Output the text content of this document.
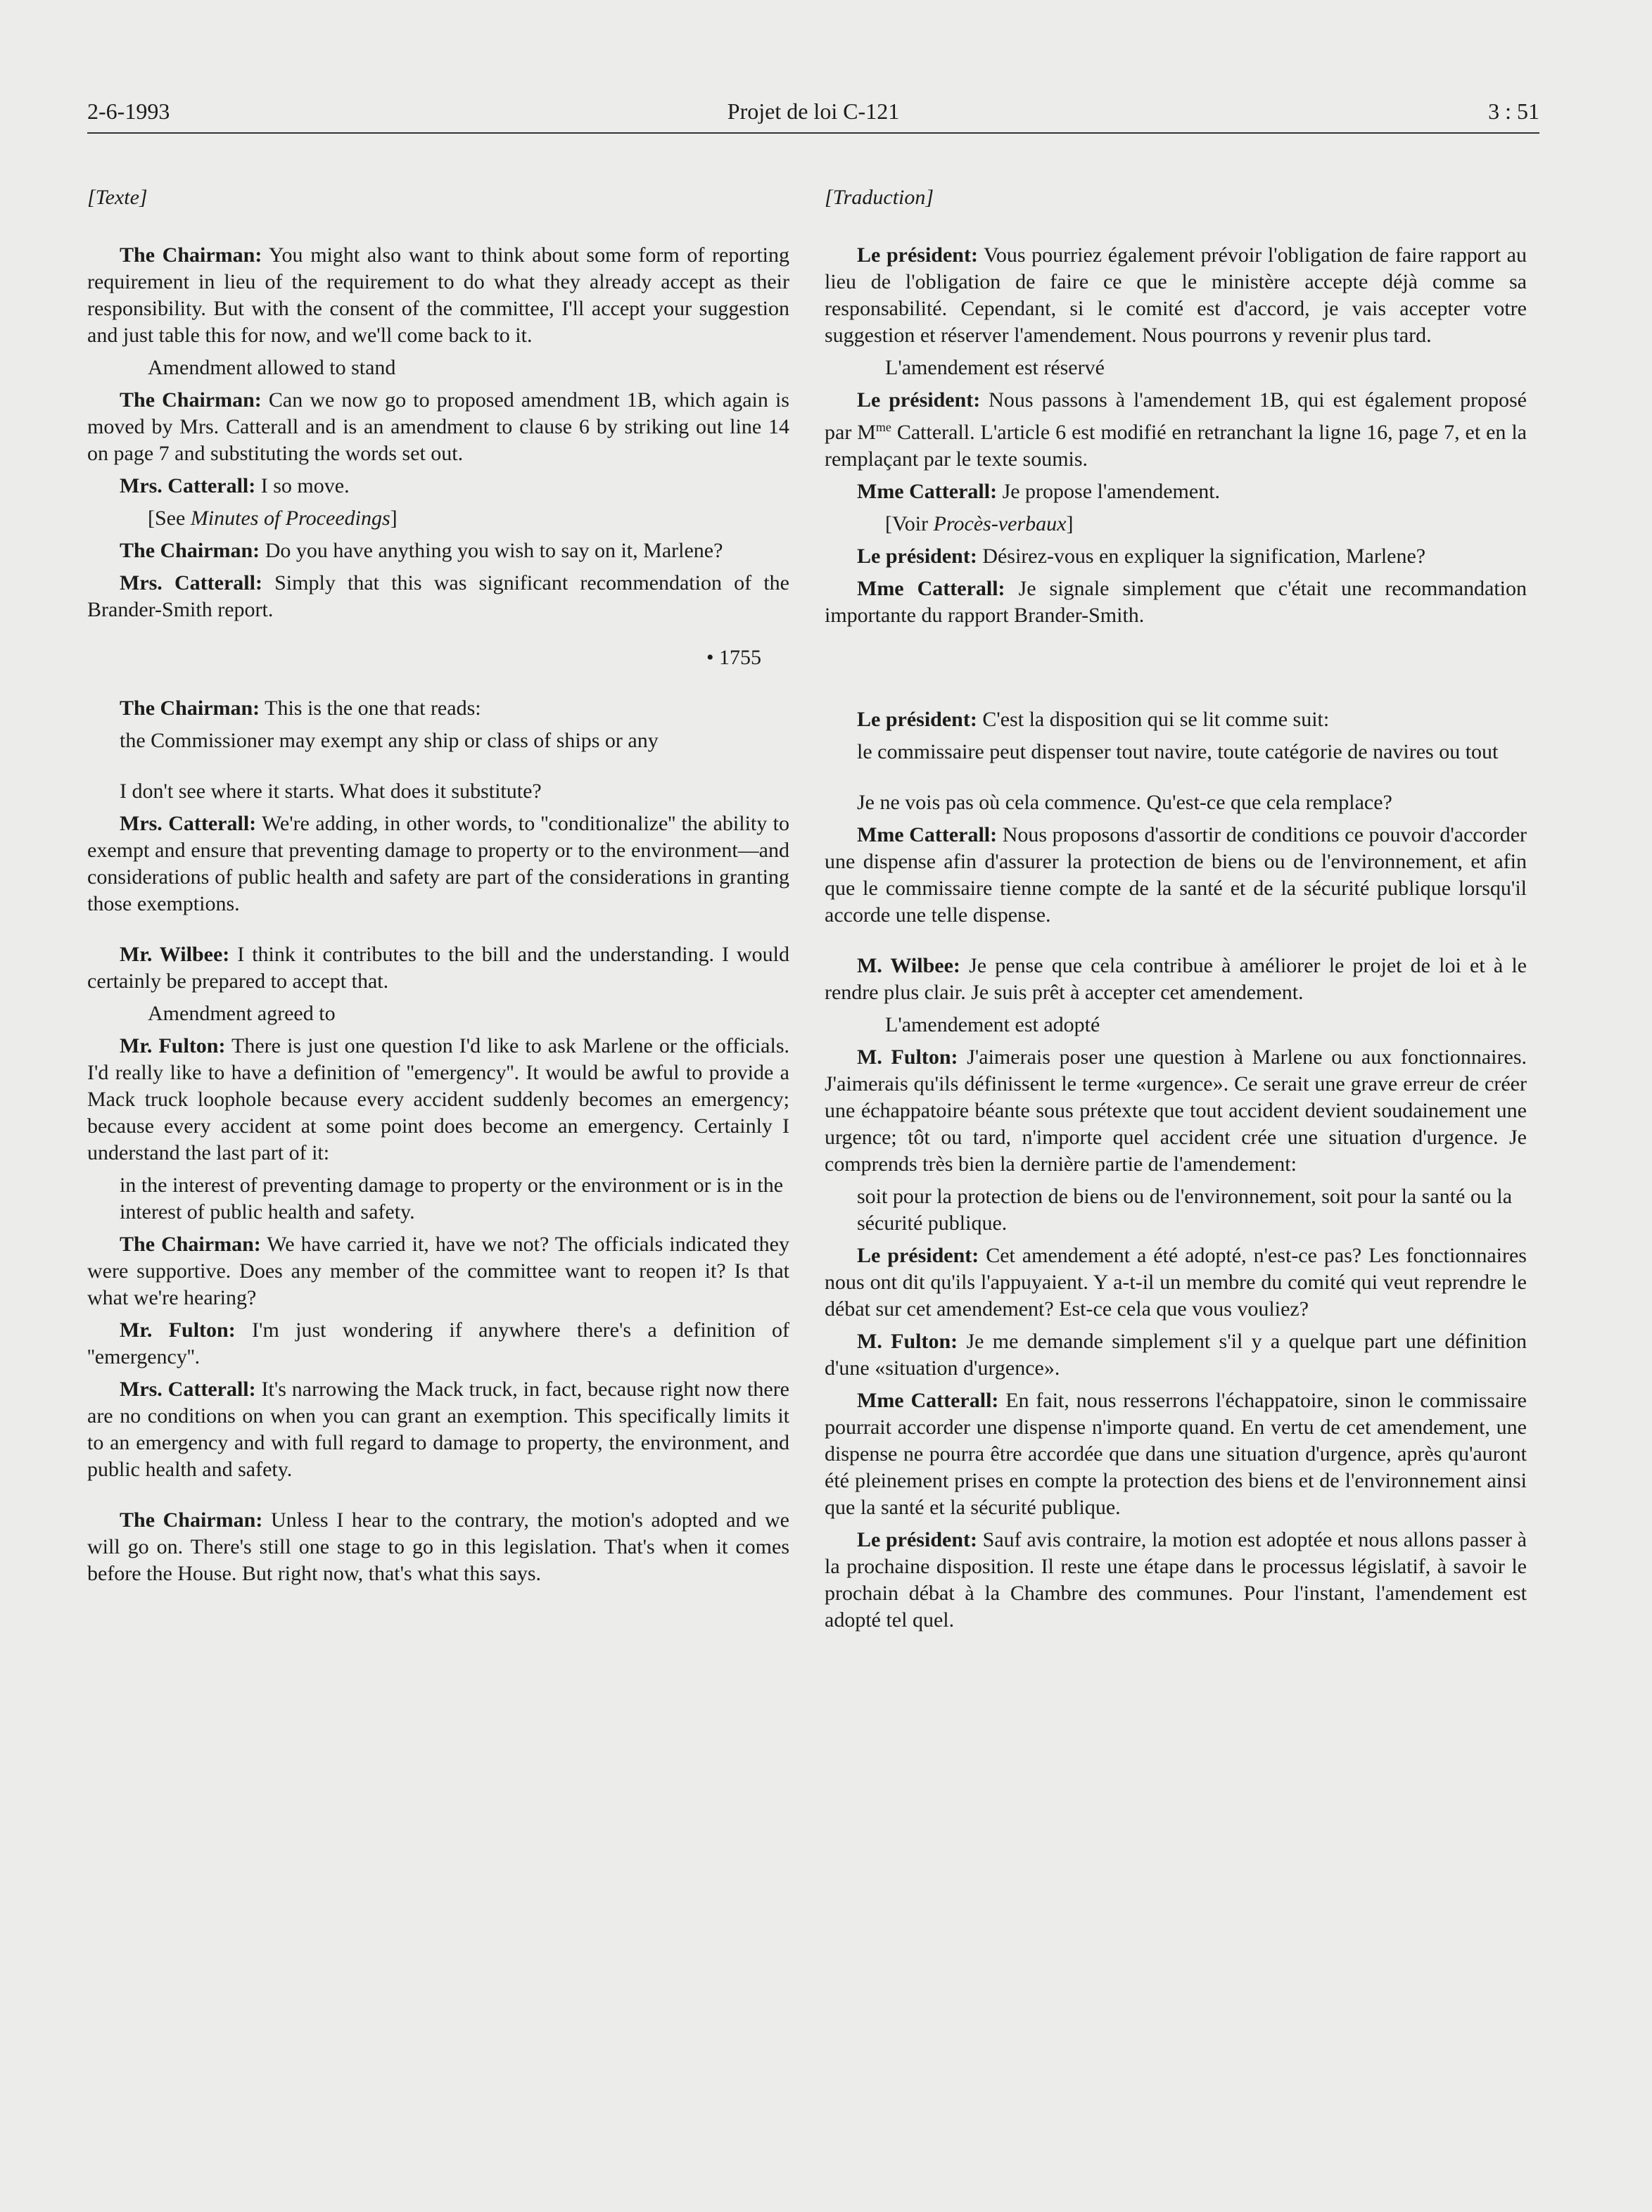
Projet de loi C-121
2-6-1993	3 : 51

[Texte]

The Chairman: You might also want to think about some form of reporting requirement in lieu of the requirement to do what they already accept as their responsibility. But with the consent of the committee, I'll accept your suggestion and just table this for now, and we'll come back to it.

Amendment allowed to stand

The Chairman: Can we now go to proposed amendment 1B, which again is moved by Mrs. Catterall and is an amendment to clause 6 by striking out line 14 on page 7 and substituting the words set out.

Mrs. Catterall: I so move.

[See Minutes of Proceedings]

The Chairman: Do you have anything you wish to say on it, Marlene?

Mrs. Catterall: Simply that this was significant recommendation of the Brander-Smith report.

• 1755

The Chairman: This is the one that reads:

the Commissioner may exempt any ship or class of ships or any

I don't see where it starts. What does it substitute?

Mrs. Catterall: We're adding, in other words, to ''conditionalize'' the ability to exempt and ensure that preventing damage to property or to the environment—and considerations of public health and safety are part of the considerations in granting those exemptions.

Mr. Wilbee: I think it contributes to the bill and the understanding. I would certainly be prepared to accept that.

Amendment agreed to

Mr. Fulton: There is just one question I'd like to ask Marlene or the officials. I'd really like to have a definition of ''emergency''. It would be awful to provide a Mack truck loophole because every accident suddenly becomes an emergency; because every accident at some point does become an emergency. Certainly I understand the last part of it:

in the interest of preventing damage to property or the environment or is in the interest of public health and safety.

The Chairman: We have carried it, have we not? The officials indicated they were supportive. Does any member of the committee want to reopen it? Is that what we're hearing?

Mr. Fulton: I'm just wondering if anywhere there's a definition of ''emergency''.

Mrs. Catterall: It's narrowing the Mack truck, in fact, because right now there are no conditions on when you can grant an exemption. This specifically limits it to an emergency and with full regard to damage to property, the environment, and public health and safety.

The Chairman: Unless I hear to the contrary, the motion's adopted and we will go on. There's still one stage to go in this legislation. That's when it comes before the House. But right now, that's what this says.

[Traduction]

Le président: Vous pourriez également prévoir l'obligation de faire rapport au lieu de l'obligation de faire ce que le ministère accepte déjà comme sa responsabilité. Cependant, si le comité est d'accord, je vais accepter votre suggestion et réserver l'amendement. Nous pourrons y revenir plus tard.

L'amendement est réservé

Le président: Nous passons à l'amendement 1B, qui est également proposé par $M^{me}$ Catterall. L'article 6 est modifié en retranchant la ligne 16, page 7, et en la remplaçant par le texte soumis.

Mme Catterall: Je propose l'amendement.

[Voir Procès-verbaux]

Le président: Désirez-vous en expliquer la signification, Marlene?

Mme Catterall: Je signale simplement que c'était une recommandation importante du rapport Brander-Smith.

Le président: C'est la disposition qui se lit comme suit:

le commissaire peut dispenser tout navire, toute catégorie de navires ou tout

Je ne vois pas où cela commence. Qu'est-ce que cela remplace?

Mme Catterall: Nous proposons d'assortir de conditions ce pouvoir d'accorder une dispense afin d'assurer la protection de biens ou de l'environnement, et afin que le commissaire tienne compte de la santé et de la sécurité publique lorsqu'il accorde une telle dispense.

M. Wilbee: Je pense que cela contribue à améliorer le projet de loi et à le rendre plus clair. Je suis prêt à accepter cet amendement.

L'amendement est adopté

M. Fulton: J'aimerais poser une question à Marlene ou aux fonctionnaires. J'aimerais qu'ils définissent le terme «urgence». Ce serait une grave erreur de créer une échappatoire béante sous prétexte que tout accident devient soudainement une urgence; tôt ou tard, n'importe quel accident crée une situation d'urgence. Je comprends très bien la dernière partie de l'amendement:

soit pour la protection de biens ou de l'environnement, soit pour la santé ou la sécurité publique.

Le président: Cet amendement a été adopté, n'est-ce pas? Les fonctionnaires nous ont dit qu'ils l'appuyaient. Y a-t-il un membre du comité qui veut reprendre le débat sur cet amendement? Est-ce cela que vous vouliez?

M. Fulton: Je me demande simplement s'il y a quelque part une définition d'une «situation d'urgence».

Mme Catterall: En fait, nous resserrons l'échappatoire, sinon le commissaire pourrait accorder une dispense n'importe quand. En vertu de cet amendement, une dispense ne pourra être accordée que dans une situation d'urgence, après qu'auront été pleinement prises en compte la protection des biens et de l'environnement ainsi que la santé et la sécurité publique.

Le président: Sauf avis contraire, la motion est adoptée et nous allons passer à la prochaine disposition. Il reste une étape dans le processus législatif, à savoir le prochain débat à la Chambre des communes. Pour l'instant, l'amendement est adopté tel quel.
